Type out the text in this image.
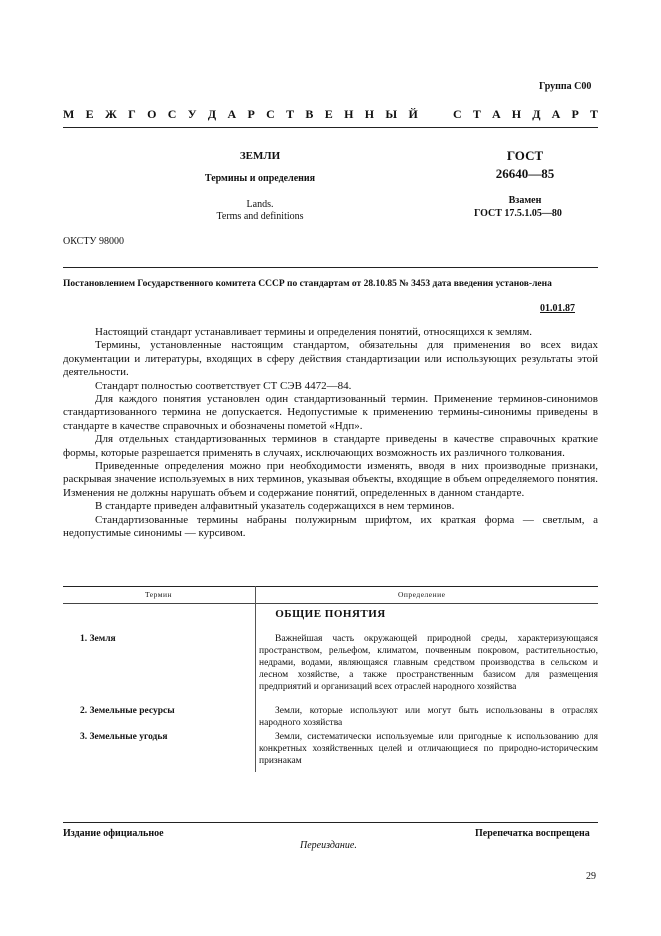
Группа С00
М Е Ж Г О С У Д А Р С Т В Е Н Н Ы Й	С Т А Н Д А Р Т
ЗЕМЛИ
Термины и определения
Lands.
Terms and definitions
ГОСТ
26640—85
Взамен
ГОСТ 17.5.1.05—80
ОКСТУ 98000
Постановлением Государственного комитета СССР по стандартам от 28.10.85 № 3453 дата введения установ-лена
01.01.87

Настоящий стандарт устанавливает термины и определения понятий, относящихся к землям.

Термины, установленные настоящим стандартом, обязательны для применения во всех видах документации и литературы, входящих в сферу действия стандартизации или использующих результаты этой деятельности.

Стандарт полностью соответствует СТ СЭВ 4472—84.

Для каждого понятия установлен один стандартизованный термин. Применение терминов-синонимов стандартизованного термина не допускается. Недопустимые к применению термины-синонимы приведены в стандарте в качестве справочных и обозначены пометой «Ндп».

Для отдельных стандартизованных терминов в стандарте приведены в качестве справочных краткие формы, которые разрешается применять в случаях, исключающих возможность их различного толкования.

Приведенные определения можно при необходимости изменять, вводя в них производные признаки, раскрывая значение используемых в них терминов, указывая объекты, входящие в объем определяемого понятия. Изменения не должны нарушать объем и содержание понятий, определенных в данном стандарте.

В стандарте приведен алфавитный указатель содержащихся в нем терминов.

Стандартизованные термины набраны полужирным шрифтом, их краткая форма — светлым, а недопустимые синонимы — курсивом.

Термин	Определение
ОБЩИЕ ПОНЯТИЯ
1. Земля	Важнейшая часть окружающей природной среды, характеризующаяся пространством, рельефом, климатом, почвенным покровом, растительностью, недрами, водами, являющаяся главным средством производства в сельском и лесном хозяйстве, а также пространственным базисом для размещения предприятий и организаций всех отраслей народного хозяйства

2. Земельные ресурсы	Земли, которые используют или могут быть использованы в отраслях народного хозяйства

3. Земельные угодья	Земли, систематически используемые или пригодные к использованию для конкретных хозяйственных целей и отличающиеся по природно-историческим признакам

Издание официальное	Перепечатка воспрещена
Переиздание.
29
